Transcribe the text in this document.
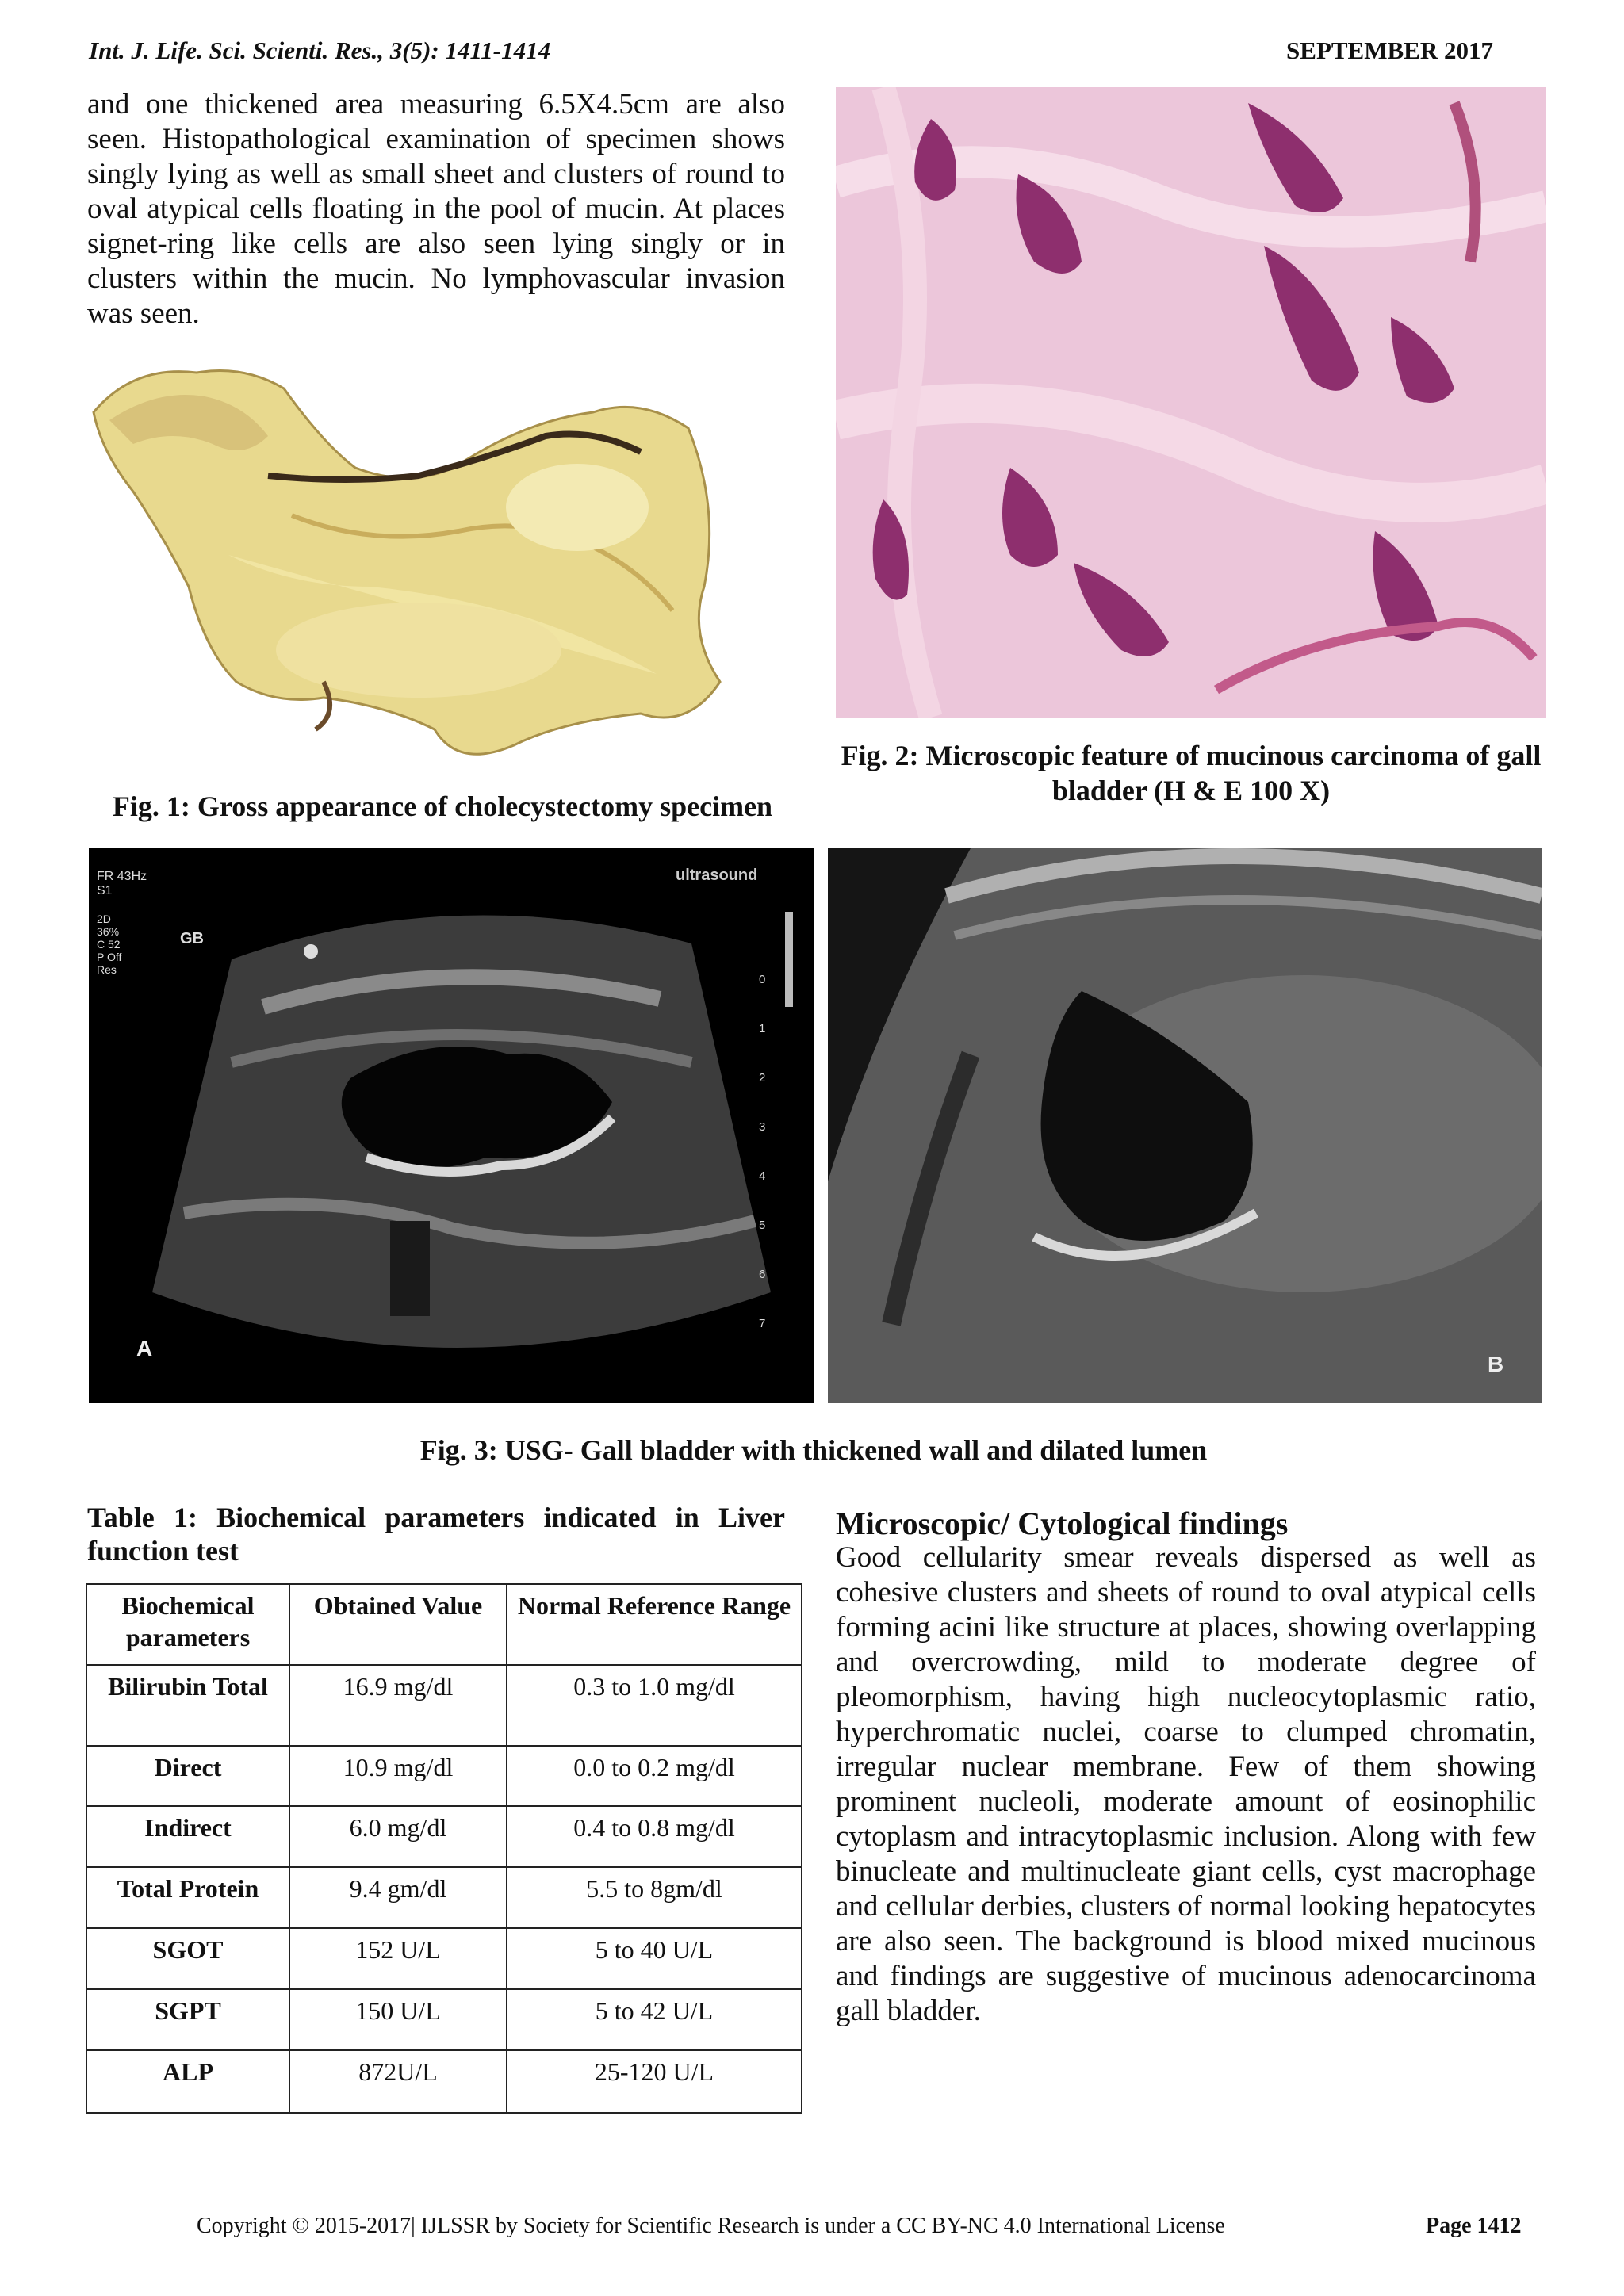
Int. J. Life. Sci. Scienti. Res., 3(5): 1411-1414	SEPTEMBER 2017

and one thickened area measuring 6.5X4.5cm are also seen. Histopathological examination of specimen shows singly lying as well as small sheet and clusters of round to oval atypical cells floating in the pool of mucin. At places signet-ring like cells are also seen lying singly or in clusters within the mucin. No lymphovascular invasion was seen.

Fig. 1: Gross appearance of cholecystectomy specimen
Fig. 2: Microscopic feature of mucinous carcinoma of gall bladder (H & E 100 X)
FR 43Hz
S1
2D
36%
C 52
P Off
Res
GB
ultrasound
0
1
2
3
4
5
6
7
A
B
Fig. 3: USG- Gall bladder with thickened wall and dilated lumen
Table 1: Biochemical parameters indicated in Liver function test
Biochemical parameters	Obtained Value	Normal Reference Range
Bilirubin Total	16.9 mg/dl	0.3 to 1.0 mg/dl
Direct	10.9 mg/dl	0.0 to 0.2 mg/dl
Indirect	6.0 mg/dl	0.4 to 0.8 mg/dl
Total Protein	9.4 gm/dl	5.5 to 8gm/dl
SGOT	152 U/L	5 to 40 U/L
SGPT	150 U/L	5 to 42 U/L
ALP	872U/L	25-120 U/L
Microscopic/ Cytological findings

Good cellularity smear reveals dispersed as well as cohesive clusters and sheets of round to oval atypical cells forming acini like structure at places, showing overlapping and overcrowding, mild to moderate degree of pleomorphism, having high nucleocytoplasmic ratio, hyperchromatic nuclei, coarse to clumped chromatin, irregular nuclear membrane. Few of them showing prominent nucleoli, moderate amount of eosinophilic cytoplasm and intracytoplasmic inclusion. Along with few binucleate and multinucleate giant cells, cyst macrophage and cellular derbies, clusters of normal looking hepatocytes are also seen. The background is blood mixed mucinous and findings are suggestive of mucinous adenocarcinoma gall bladder.

Copyright © 2015-2017| IJLSSR by Society for Scientific Research is under a CC BY-NC 4.0 International License	Page 1412
